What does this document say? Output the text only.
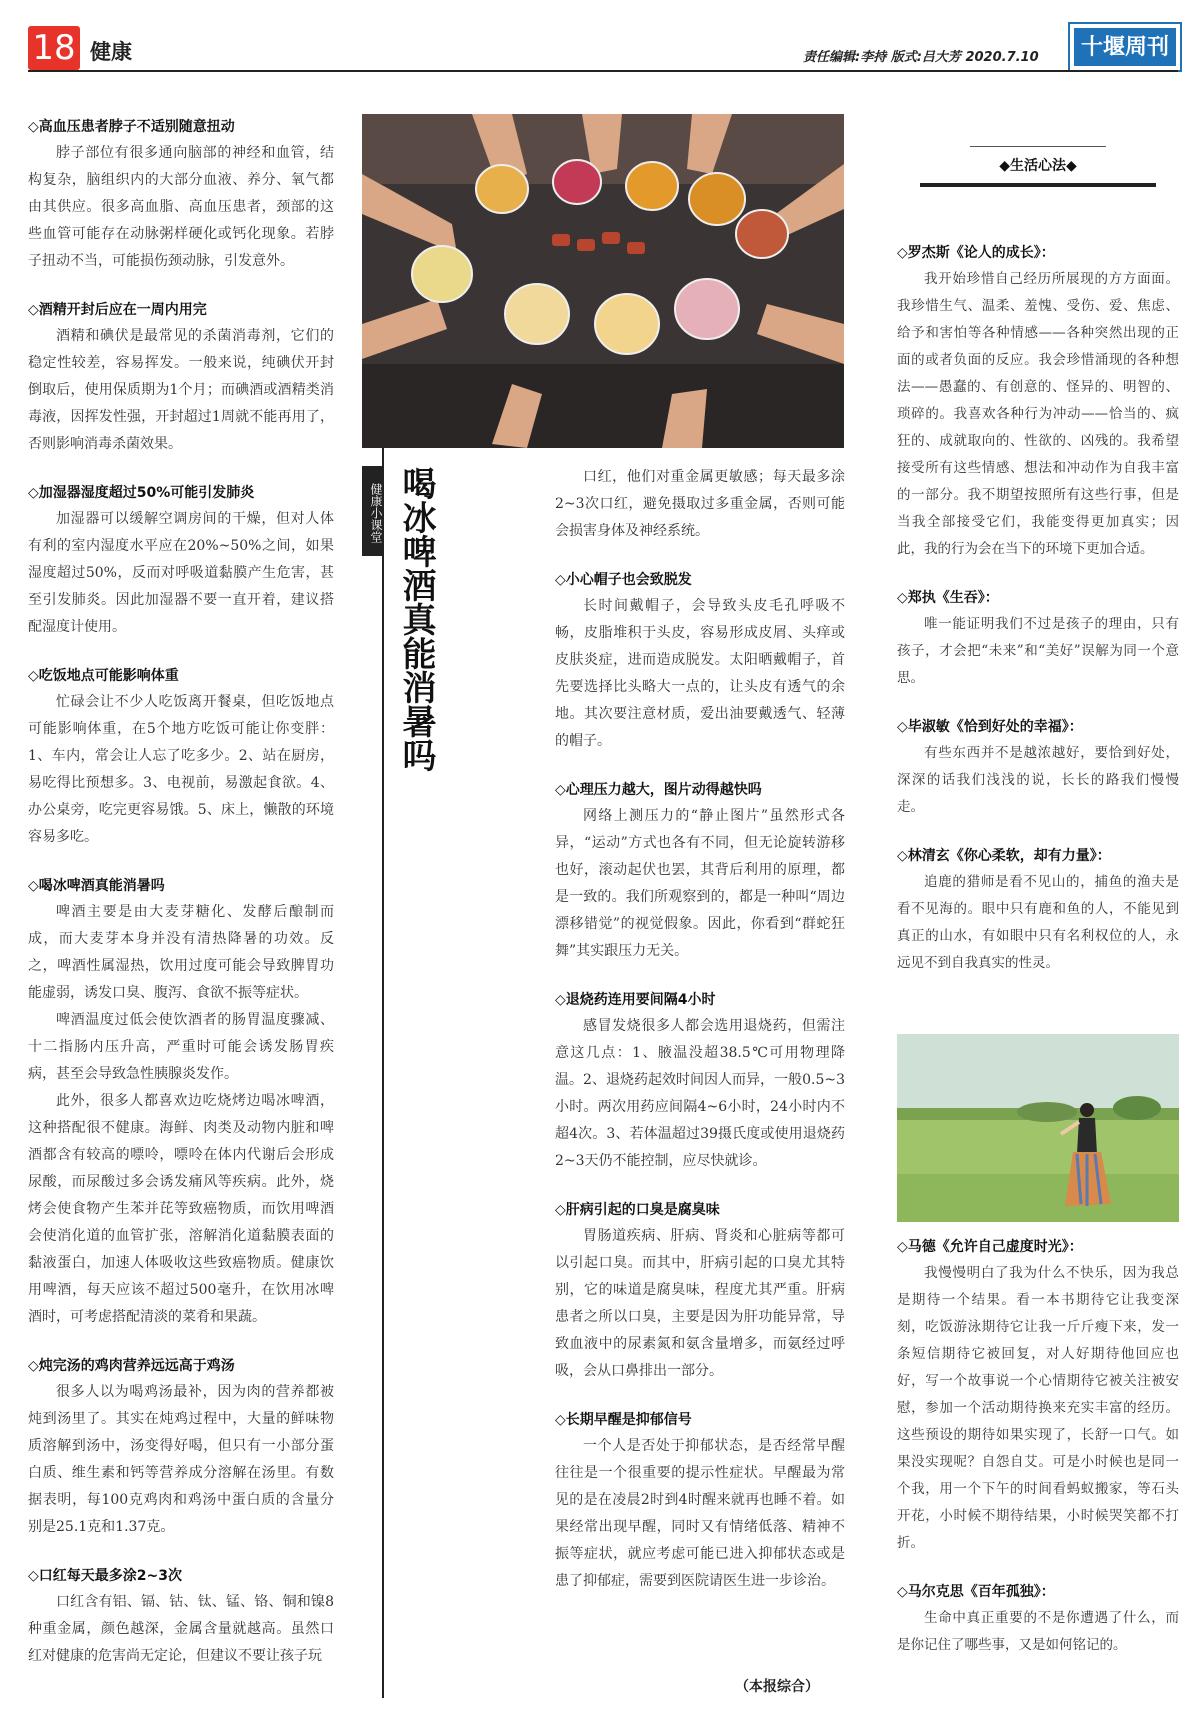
18 健康	责任编辑:李持 版式:吕大芳 2020.7.10	十堰周刊
◇高血压患者脖子不适别随意扭动

脖子部位有很多通向脑部的神经和血管，结构复杂，脑组织内的大部分血液、养分、氧气都由其供应。很多高血脂、高血压患者，颈部的这些血管可能存在动脉粥样硬化或钙化现象。若脖子扭动不当，可能损伤颈动脉，引发意外。

◇酒精开封后应在一周内用完

酒精和碘伏是最常见的杀菌消毒剂，它们的稳定性较差，容易挥发。一般来说，纯碘伏开封倒取后，使用保质期为1个月；而碘酒或酒精类消毒液，因挥发性强，开封超过1周就不能再用了，否则影响消毒杀菌效果。

◇加湿器湿度超过50%可能引发肺炎

加湿器可以缓解空调房间的干燥，但对人体有利的室内湿度水平应在20%~50%之间，如果湿度超过50%，反而对呼吸道黏膜产生危害，甚至引发肺炎。因此加湿器不要一直开着，建议搭配湿度计使用。

◇吃饭地点可能影响体重

忙碌会让不少人吃饭离开餐桌，但吃饭地点可能影响体重，在5个地方吃饭可能让你变胖：1、车内，常会让人忘了吃多少。2、站在厨房，易吃得比预想多。3、电视前，易激起食欲。4、办公桌旁，吃完更容易饿。5、床上，懒散的环境容易多吃。

◇喝冰啤酒真能消暑吗

啤酒主要是由大麦芽糖化、发酵后酿制而成，而大麦芽本身并没有清热降暑的功效。反之，啤酒性属湿热，饮用过度可能会导致脾胃功能虚弱，诱发口臭、腹泻、食欲不振等症状。

啤酒温度过低会使饮酒者的肠胃温度骤减、十二指肠内压升高，严重时可能会诱发肠胃疾病，甚至会导致急性胰腺炎发作。

此外，很多人都喜欢边吃烧烤边喝冰啤酒，这种搭配很不健康。海鲜、肉类及动物内脏和啤酒都含有较高的嘌呤，嘌呤在体内代谢后会形成尿酸，而尿酸过多会诱发痛风等疾病。此外，烧烤会使食物产生苯并芘等致癌物质，而饮用啤酒会使消化道的血管扩张，溶解消化道黏膜表面的黏液蛋白，加速人体吸收这些致癌物质。健康饮用啤酒，每天应该不超过500毫升，在饮用冰啤酒时，可考虑搭配清淡的菜肴和果蔬。

◇炖完汤的鸡肉营养远远高于鸡汤

很多人以为喝鸡汤最补，因为肉的营养都被炖到汤里了。其实在炖鸡过程中，大量的鲜味物质溶解到汤中，汤变得好喝，但只有一小部分蛋白质、维生素和钙等营养成分溶解在汤里。有数据表明，每100克鸡肉和鸡汤中蛋白质的含量分别是25.1克和1.37克。

◇口红每天最多涂2~3次

口红含有铝、镉、钴、钛、锰、铬、铜和镍8种重金属，颜色越深，金属含量就越高。虽然口红对健康的危害尚无定论，但建议不要让孩子玩

健康小课堂 喝冰啤酒真能消暑吗	口红，他们对重金属更敏感；每天最多涂2~3次口红，避免摄取过多重金属，否则可能会损害身体及神经系统。

◇小心帽子也会致脱发

长时间戴帽子，会导致头皮毛孔呼吸不畅，皮脂堆积于头皮，容易形成皮屑、头痒或皮肤炎症，进而造成脱发。太阳晒戴帽子，首先要选择比头略大一点的，让头皮有透气的余地。其次要注意材质，爱出油要戴透气、轻薄的帽子。

◇心理压力越大，图片动得越快吗

网络上测压力的“静止图片”虽然形式各异，“运动”方式也各有不同，但无论旋转游移也好，滚动起伏也罢，其背后利用的原理，都是一致的。我们所观察到的，都是一种叫“周边漂移错觉”的视觉假象。因此，你看到“群蛇狂舞”其实跟压力无关。

◇退烧药连用要间隔4小时

感冒发烧很多人都会选用退烧药，但需注意这几点：1、腋温没超38.5℃可用物理降温。2、退烧药起效时间因人而异，一般0.5~3小时。两次用药应间隔4~6小时，24小时内不超4次。3、若体温超过39摄氏度或使用退烧药2~3天仍不能控制，应尽快就诊。

◇肝病引起的口臭是腐臭味

胃肠道疾病、肝病、肾炎和心脏病等都可以引起口臭。而其中，肝病引起的口臭尤其特别，它的味道是腐臭味，程度尤其严重。肝病患者之所以口臭，主要是因为肝功能异常，导致血液中的尿素氮和氨含量增多，而氨经过呼吸，会从口鼻排出一部分。

◇长期早醒是抑郁信号

一个人是否处于抑郁状态，是否经常早醒往往是一个很重要的提示性症状。早醒最为常见的是在凌晨2时到4时醒来就再也睡不着。如果经常出现早醒，同时又有情绪低落、精神不振等症状，就应考虑可能已进入抑郁状态或是患了抑郁症，需要到医院请医生进一步诊治。

（本报综合）
◆生活心法◆
◇罗杰斯《论人的成长》：

我开始珍惜自己经历所展现的方方面面。我珍惜生气、温柔、羞愧、受伤、爱、焦虑、给予和害怕等各种情感——各种突然出现的正面的或者负面的反应。我会珍惜涌现的各种想法——愚蠢的、有创意的、怪异的、明智的、琐碎的。我喜欢各种行为冲动——恰当的、疯狂的、成就取向的、性欲的、凶残的。我希望接受所有这些情感、想法和冲动作为自我丰富的一部分。我不期望按照所有这些行事，但是当我全部接受它们，我能变得更加真实；因此，我的行为会在当下的环境下更加合适。

◇郑执《生吞》：

唯一能证明我们不过是孩子的理由，只有孩子，才会把“未来”和“美好”误解为同一个意思。

◇毕淑敏《恰到好处的幸福》：

有些东西并不是越浓越好，要恰到好处，深深的话我们浅浅的说，长长的路我们慢慢走。

◇林清玄《你心柔软，却有力量》：

追鹿的猎师是看不见山的，捕鱼的渔夫是看不见海的。眼中只有鹿和鱼的人，不能见到真正的山水，有如眼中只有名利权位的人，永远见不到自我真实的性灵。

◇马德《允许自己虚度时光》：

我慢慢明白了我为什么不快乐，因为我总是期待一个结果。看一本书期待它让我变深刻，吃饭游泳期待它让我一斤斤瘦下来，发一条短信期待它被回复，对人好期待他回应也好，写一个故事说一个心情期待它被关注被安慰，参加一个活动期待换来充实丰富的经历。这些预设的期待如果实现了，长舒一口气。如果没实现呢？自怨自艾。可是小时候也是同一个我，用一个下午的时间看蚂蚁搬家，等石头开花，小时候不期待结果，小时候哭笑都不打折。

◇马尔克思《百年孤独》：

生命中真正重要的不是你遭遇了什么，而是你记住了哪些事，又是如何铭记的。
